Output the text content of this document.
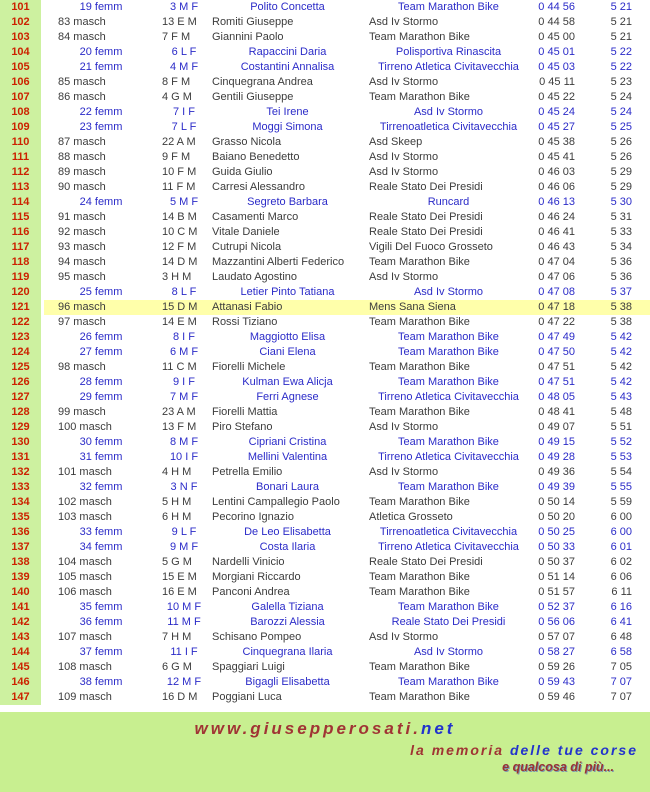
101	19 femm	3 M F	Polito Concetta	Team Marathon Bike	0 44 56	5 21
102	83 masch	13 E M	Romiti Giuseppe	Asd Iv Stormo	0 44 58	5 21
103	84 masch	7 F M	Giannini Paolo	Team Marathon Bike	0 45 00	5 21
104	20 femm	6 L F	Rapaccini Daria	Polisportiva Rinascita	0 45 01	5 22
105	21 femm	4 M F	Costantini Annalisa	Tirreno Atletica Civitavecchia	0 45 03	5 22
106	85 masch	8 F M	Cinquegrana Andrea	Asd Iv Stormo	0 45 11	5 23
107	86 masch	4 G M	Gentili Giuseppe	Team Marathon Bike	0 45 22	5 24
108	22 femm	7 I F	Tei Irene	Asd Iv Stormo	0 45 24	5 24
109	23 femm	7 L F	Moggi Simona	Tirrenoatletica Civitavecchia	0 45 27	5 25
110	87 masch	22 A M	Grasso Nicola	Asd Skeep	0 45 38	5 26
111	88 masch	9 F M	Baiano Benedetto	Asd Iv Stormo	0 45 41	5 26
112	89 masch	10 F M	Guida Giulio	Asd Iv Stormo	0 46 03	5 29
113	90 masch	11 F M	Carresi Alessandro	Reale Stato Dei Presidi	0 46 06	5 29
114	24 femm	5 M F	Segreto Barbara	Runcard	0 46 13	5 30
115	91 masch	14 B M	Casamenti Marco	Reale Stato Dei Presidi	0 46 24	5 31
116	92 masch	10 C M	Vitale Daniele	Reale Stato Dei Presidi	0 46 41	5 33
117	93 masch	12 F M	Cutrupi Nicola	Vigili Del Fuoco Grosseto	0 46 43	5 34
118	94 masch	14 D M	Mazzantini Alberti Federico	Team Marathon Bike	0 47 04	5 36
119	95 masch	3 H M	Laudato Agostino	Asd Iv Stormo	0 47 06	5 36
120	25 femm	8 L F	Letier Pinto Tatiana	Asd Iv Stormo	0 47 08	5 37
121	96 masch	15 D M	Attanasi Fabio	Mens Sana Siena	0 47 18	5 38
122	97 masch	14 E M	Rossi Tiziano	Team Marathon Bike	0 47 22	5 38
123	26 femm	8 I F	Maggiotto Elisa	Team Marathon Bike	0 47 49	5 42
124	27 femm	6 M F	Ciani Elena	Team Marathon Bike	0 47 50	5 42
125	98 masch	11 C M	Fiorelli Michele	Team Marathon Bike	0 47 51	5 42
126	28 femm	9 I F	Kulman Ewa Alicja	Team Marathon Bike	0 47 51	5 42
127	29 femm	7 M F	Ferri Agnese	Tirreno Atletica Civitavecchia	0 48 05	5 43
128	99 masch	23 A M	Fiorelli Mattia	Team Marathon Bike	0 48 41	5 48
129	100 masch	13 F M	Piro Stefano	Asd Iv Stormo	0 49 07	5 51
130	30 femm	8 M F	Cipriani Cristina	Team Marathon Bike	0 49 15	5 52
131	31 femm	10 I F	Mellini Valentina	Tirreno Atletica Civitavecchia	0 49 28	5 53
132	101 masch	4 H M	Petrella Emilio	Asd Iv Stormo	0 49 36	5 54
133	32 femm	3 N F	Bonari Laura	Team Marathon Bike	0 49 39	5 55
134	102 masch	5 H M	Lentini Campallegio Paolo	Team Marathon Bike	0 50 14	5 59
135	103 masch	6 H M	Pecorino Ignazio	Atletica Grosseto	0 50 20	6 00
136	33 femm	9 L F	De Leo Elisabetta	Tirrenoatletica Civitavecchia	0 50 25	6 00
137	34 femm	9 M F	Costa Ilaria	Tirreno Atletica Civitavecchia	0 50 33	6 01
138	104 masch	5 G M	Nardelli Vinicio	Reale Stato Dei Presidi	0 50 37	6 02
139	105 masch	15 E M	Morgiani Riccardo	Team Marathon Bike	0 51 14	6 06
140	106 masch	16 E M	Panconi Andrea	Team Marathon Bike	0 51 57	6 11
141	35 femm	10 M F	Galella Tiziana	Team Marathon Bike	0 52 37	6 16
142	36 femm	11 M F	Barozzi Alessia	Reale Stato Dei Presidi	0 56 06	6 41
143	107 masch	7 H M	Schisano Pompeo	Asd Iv Stormo	0 57 07	6 48
144	37 femm	11 I F	Cinquegrana Ilaria	Asd Iv Stormo	0 58 27	6 58
145	108 masch	6 G M	Spaggiari Luigi	Team Marathon Bike	0 59 26	7 05
146	38 femm	12 M F	Bigagli Elisabetta	Team Marathon Bike	0 59 43	7 07
147	109 masch	16 D M	Poggiani Luca	Team Marathon Bike	0 59 46	7 07
www.giusepperosati.net
la memoria delle tue corse
e qualcosa di più...
